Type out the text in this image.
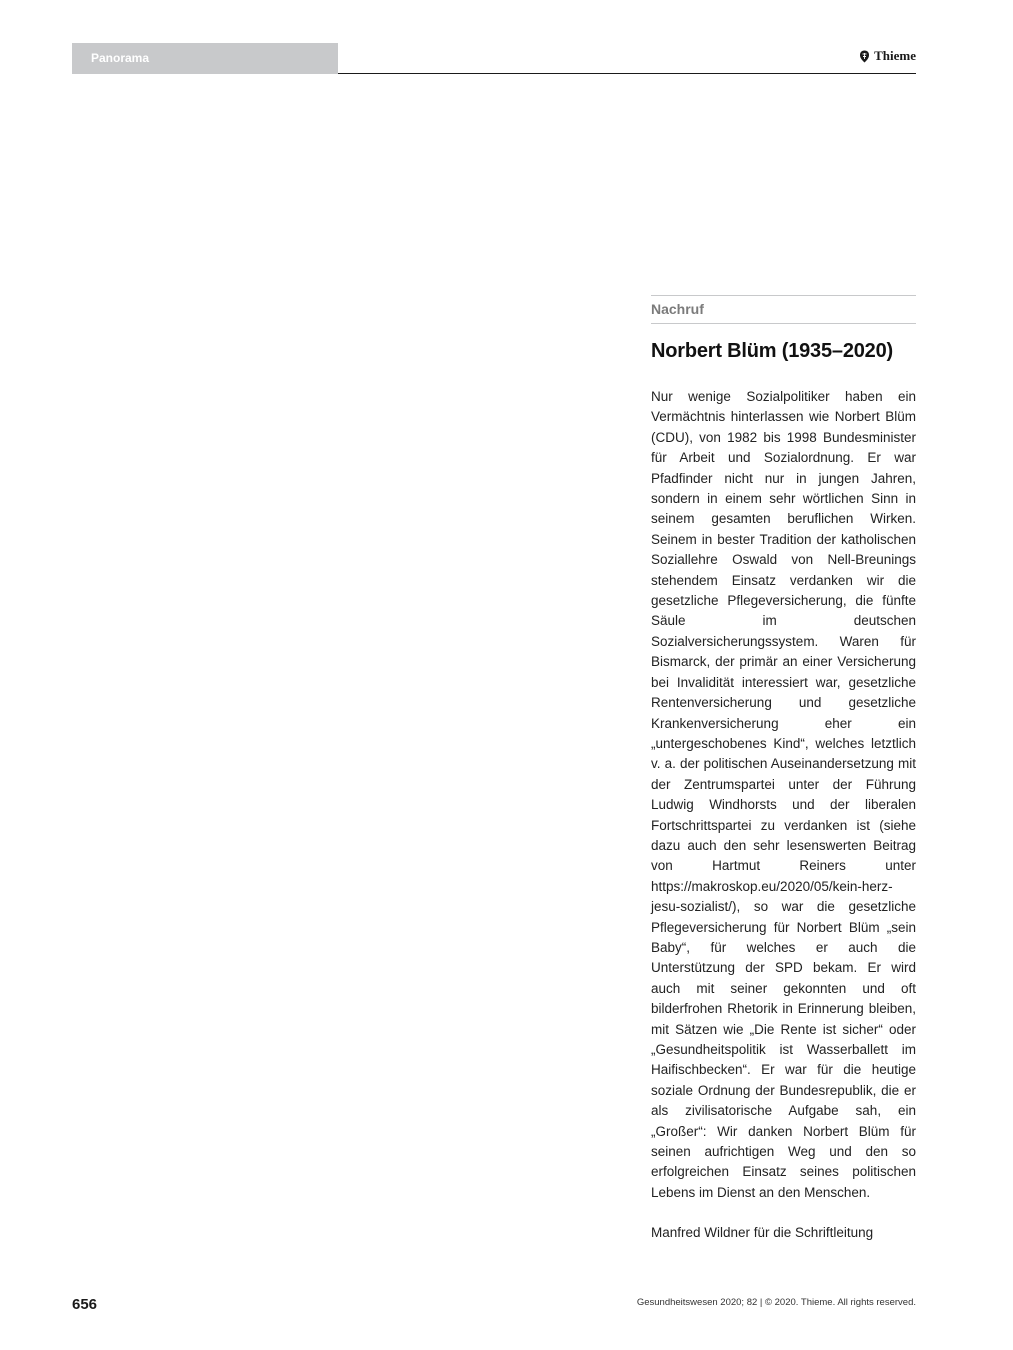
Panorama	Thieme
Nachruf
Norbert Blüm (1935–2020)
Nur wenige Sozialpolitiker haben ein Vermächtnis hinterlassen wie Norbert Blüm (CDU), von 1982 bis 1998 Bundesminister für Arbeit und Sozialordnung. Er war Pfadfinder nicht nur in jungen Jahren, sondern in einem sehr wörtlichen Sinn in seinem gesamten beruflichen Wirken. Seinem in bester Tradition der katholischen Soziallehre Oswald von Nell-Breunings stehendem Einsatz verdanken wir die gesetzliche Pflegeversicherung, die fünfte Säule im deutschen Sozialversicherungssystem. Waren für Bismarck, der primär an einer Versicherung bei Invalidität interessiert war, gesetzliche Rentenversicherung und gesetzliche Krankenversicherung eher ein „untergeschobenes Kind“, welches letztlich v. a. der politischen Auseinandersetzung mit der Zentrumspartei unter der Führung Ludwig Windhorsts und der liberalen Fortschrittspartei zu verdanken ist (siehe dazu auch den sehr lesenswerten Beitrag von Hartmut Reiners unter https://makroskop.eu/2020/05/kein-herz-jesu-sozialist/), so war die gesetzliche Pflegeversicherung für Norbert Blüm „sein Baby“, für welches er auch die Unterstützung der SPD bekam. Er wird auch mit seiner gekonnten und oft bilderfrohen Rhetorik in Erinnerung bleiben, mit Sätzen wie „Die Rente ist sicher“ oder „Gesundheitspolitik ist Wasserballett im Haifischbecken“. Er war für die heutige soziale Ordnung der Bundesrepublik, die er als zivilisatorische Aufgabe sah, ein „Großer“: Wir danken Norbert Blüm für seinen aufrichtigen Weg und den so erfolgreichen Einsatz seines politischen Lebens im Dienst an den Menschen.
Manfred Wildner für die Schriftleitung
656	Gesundheitswesen 2020; 82 | © 2020. Thieme. All rights reserved.
